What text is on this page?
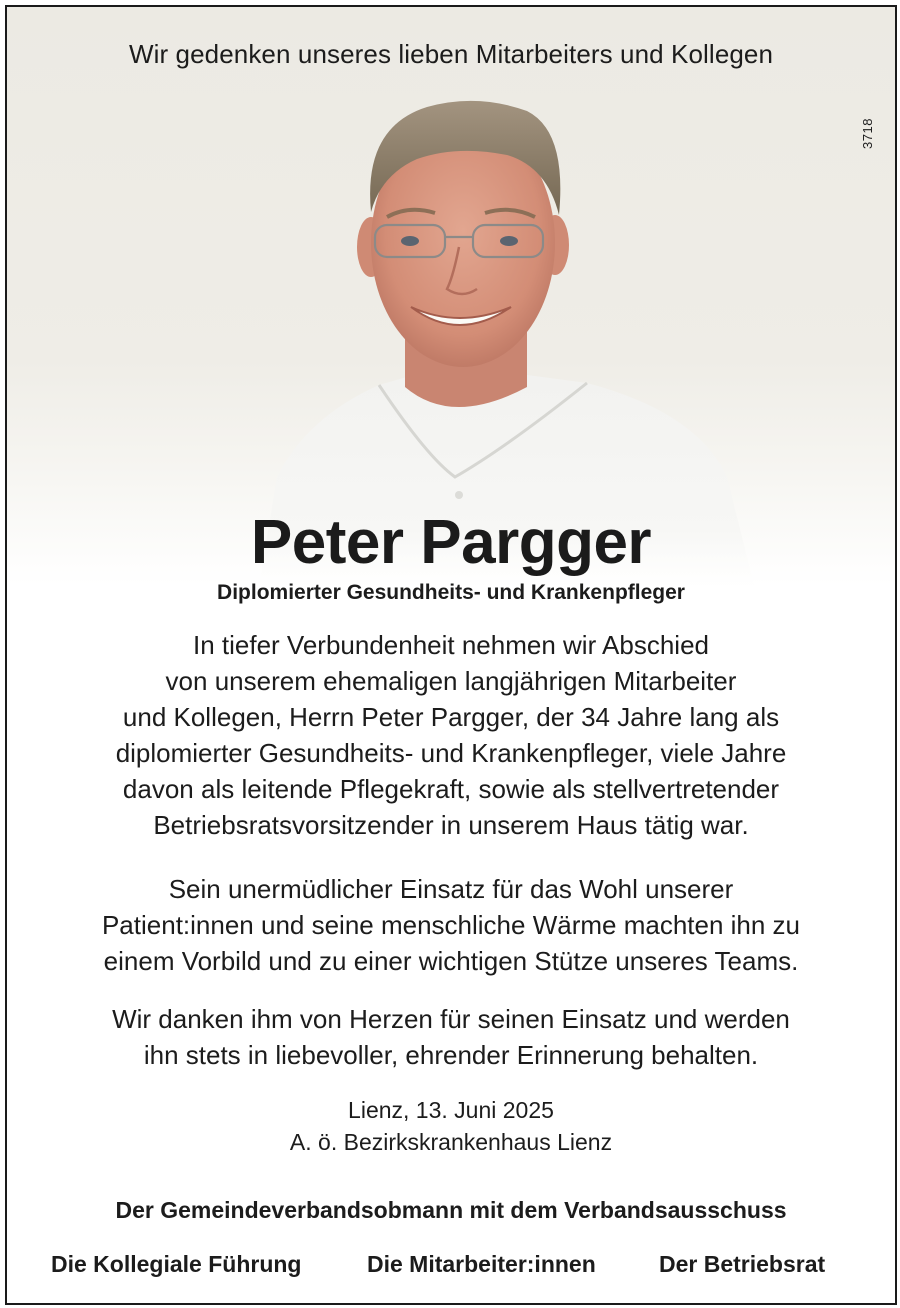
Wir gedenken unseres lieben Mitarbeiters und Kollegen
3718
Peter Pargger
Diplomierter Gesundheits- und Krankenpfleger
In tiefer Verbundenheit nehmen wir Abschied
von unserem ehemaligen langjährigen Mitarbeiter
und Kollegen, Herrn Peter Pargger, der 34 Jahre lang als
diplomierter Gesundheits- und Krankenpfleger, viele Jahre
davon als leitende Pflegekraft, sowie als stellvertretender
Betriebsratsvorsitzender in unserem Haus tätig war.
Sein unermüdlicher Einsatz für das Wohl unserer
Patient:innen und seine menschliche Wärme machten ihn zu
einem Vorbild und zu einer wichtigen Stütze unseres Teams.
Wir danken ihm von Herzen für seinen Einsatz und werden
ihn stets in liebevoller, ehrender Erinnerung behalten.
Lienz, 13. Juni 2025
A. ö. Bezirkskrankenhaus Lienz
Der Gemeindeverbandsobmann mit dem Verbandsausschuss
Die Kollegiale Führung	Die Mitarbeiter:innen	Der Betriebsrat
